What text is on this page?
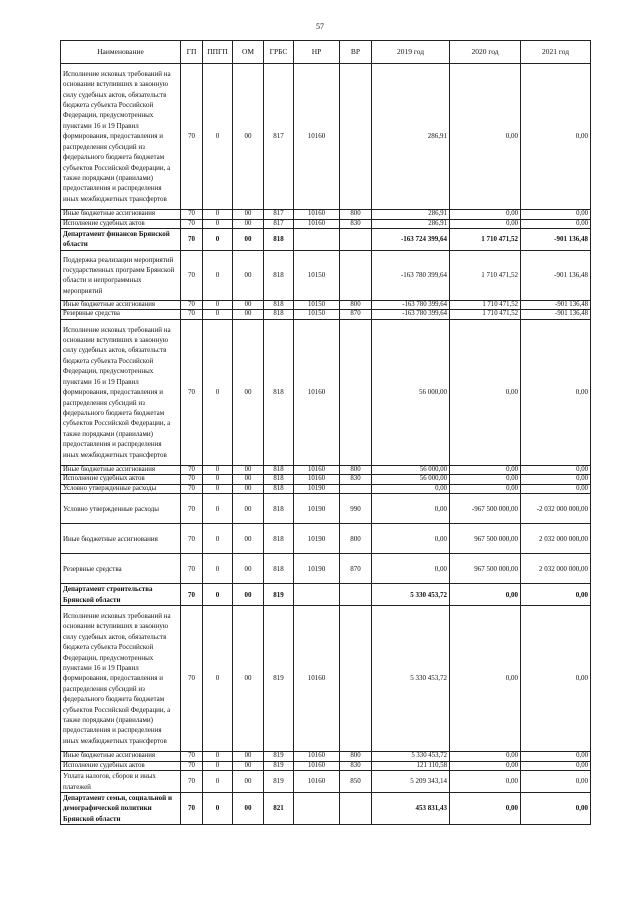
57
Наименование	ГП	ППГП	ОМ	ГРБС	НР	ВР	2019 год	2020 год	2021 год
Исполнение исковых требований на основании вступивших в законную силу судебных актов, обязательств бюджета субъекта Российской Федерации, предусмотренных пунктами 16 и 19 Правил формирования, предоставления и распределения субсидий из федерального бюджета бюджетам субъектов Российской Федерации, а также порядками (правилами) предоставления и распределения иных межбюджетных трансфертов	70	0	00	817	10160		286,91	0,00	0,00
Иные бюджетные ассигнования	70	0	00	817	10160	800	286,91	0,00	0,00
Исполнение судебных актов	70	0	00	817	10160	830	286,91	0,00	0,00
Департамент финансов Брянской области	70	0	00	818			-163 724 399,64	1 710 471,52	-901 136,48
Поддержка реализации мероприятий государственных программ Брянской области и непрограммных мероприятий	70	0	00	818	10150		-163 780 399,64	1 710 471,52	-901 136,48
Иные бюджетные ассигнования	70	0	00	818	10150	800	-163 780 399,64	1 710 471,52	-901 136,48
Резервные средства	70	0	00	818	10150	870	-163 780 399,64	1 710 471,52	-901 136,48
Исполнение исковых требований на основании вступивших в законную силу судебных актов, обязательств бюджета субъекта Российской Федерации, предусмотренных пунктами 16 и 19 Правил формирования, предоставления и распределения субсидий из федерального бюджета бюджетам субъектов Российской Федерации, а также порядками (правилами) предоставления и распределения иных межбюджетных трансфертов	70	0	00	818	10160		56 000,00	0,00	0,00
Иные бюджетные ассигнования	70	0	00	818	10160	800	56 000,00	0,00	0,00
Исполнение судебных актов	70	0	00	818	10160	830	56 000,00	0,00	0,00
Условно утвержденные расходы	70	0	00	818	10190		0,00	0,00	0,00
Условно утвержденные расходы	70	0	00	818	10190	990	0,00	-967 500 000,00	-2 032 000 000,00
Иные бюджетные ассигнования	70	0	00	818	10190	800	0,00	967 500 000,00	2 032 000 000,00
Резервные средства	70	0	00	818	10190	870	0,00	967 500 000,00	2 032 000 000,00
Департамент строительства Брянской области	70	0	00	819			5 330 453,72	0,00	0,00
Исполнение исковых требований на основании вступивших в законную силу судебных актов, обязательств бюджета субъекта Российской Федерации, предусмотренных пунктами 16 и 19 Правил формирования, предоставления и распределения субсидий из федерального бюджета бюджетам субъектов Российской Федерации, а также порядками (правилами) предоставления и распределения иных межбюджетных трансфертов	70	0	00	819	10160		5 330 453,72	0,00	0,00
Иные бюджетные ассигнования	70	0	00	819	10160	800	5 330 453,72	0,00	0,00
Исполнение судебных актов	70	0	00	819	10160	830	121 110,58	0,00	0,00
Уплата налогов, сборов и иных платежей	70	0	00	819	10160	850	5 209 343,14	0,00	0,00
Департамент семьи, социальной и демографической политики Брянской области	70	0	00	821			453 831,43	0,00	0,00
